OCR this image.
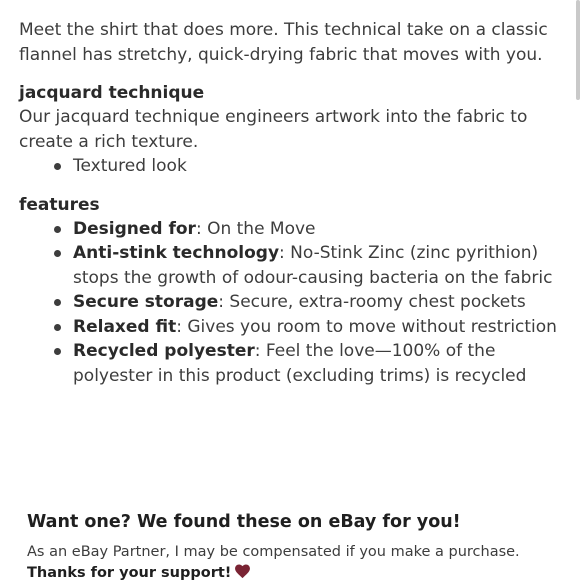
Meet the shirt that does more. This technical take on a classic flannel has stretchy, quick-drying fabric that moves with you.

jacquard technique

Our jacquard technique engineers artwork into the fabric to create a rich texture.

Textured look

features

Designed for: On the Move
Anti-stink technology: No-Stink Zinc (zinc pyrithion) stops the growth of odour-causing bacteria on the fabric
Secure storage: Secure, extra-roomy chest pockets
Relaxed fit: Gives you room to move without restriction
Recycled polyester: Feel the love—100% of the polyester in this product (excluding trims) is recycled

Want one? We found these on eBay for you!

As an eBay Partner, I may be compensated if you make a purchase. Thanks for your support!
